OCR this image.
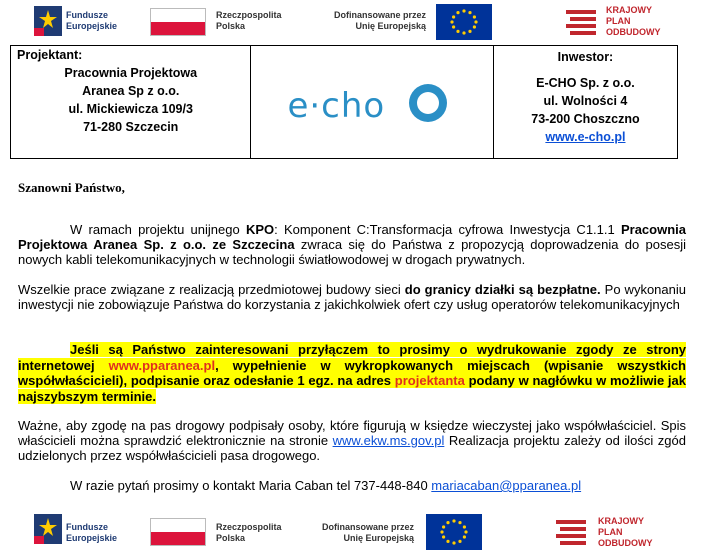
Fundusze
Europejskie
Rzeczpospolita
Polska
Dofinansowane przez
Unię Europejską
KRAJOWY
PLAN
ODBUDOWY
Projektant:
Pracownia Projektowa
Aranea Sp z o.o.
ul. Mickiewicza 109/3
71-280 Szczecin

e·cho

Inwestor:
E-CHO Sp. z o.o.
ul. Wolności 4
73-200 Choszczno
www.e-cho.pl
Szanowni Państwo,
W ramach projektu unijnego KPO: Komponent C:Transformacja cyfrowa Inwestycja C1.1.1 Pracownia Projektowa Aranea Sp. z o.o. ze Szczecina zwraca się do Państwa z propozycją doprowadzenia do posesji nowych kabli telekomunikacyjnych w technologii światłowodowej w drogach prywatnych.
Wszelkie prace związane z realizacją przedmiotowej budowy sieci do granicy działki są bezpłatne. Po wykonaniu inwestycji nie zobowiązuje Państwa do korzystania z jakichkolwiek ofert czy usług operatorów telekomunikacyjnych
Jeśli są Państwo zainteresowani przyłączem to prosimy o wydrukowanie zgody ze strony internetowej www.pparanea.pl, wypełnienie w wykropkowanych miejscach (wpisanie wszystkich współwłaścicieli), podpisanie oraz odesłanie 1 egz. na adres projektanta podany w nagłówku w możliwie jak najszybszym terminie.
Ważne, aby zgodę na pas drogowy podpisały osoby, które figurują w księdze wieczystej jako współwłaściciel. Spis właścicieli można sprawdzić elektronicznie na stronie www.ekw.ms.gov.pl Realizacja projektu zależy od ilości zgód udzielonych przez współwłaścicieli pasa drogowego.
W razie pytań prosimy o kontakt Maria Caban tel 737-448-840 mariacaban@pparanea.pl
Fundusze
Europejskie
Rzeczpospolita
Polska
Dofinansowane przez
Unię Europejską
KRAJOWY
PLAN
ODBUDOWY
